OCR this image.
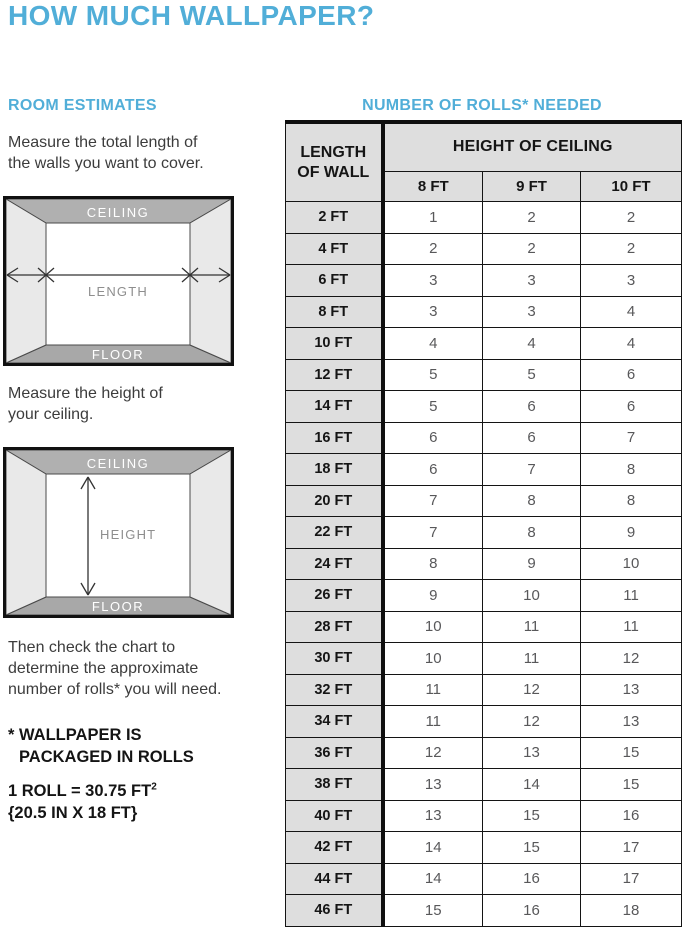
HOW MUCH WALLPAPER?
ROOM ESTIMATES	NUMBER OF ROLLS* NEEDED
Measure the total length of
the walls you want to cover.
CEILING
FLOOR
LENGTH
Measure the height of
your ceiling.
CEILING
FLOOR
HEIGHT
Then check the chart to
determine the approximate
number of rolls* you will need.
* WALLPAPER IS
PACKAGED IN ROLLS
1 ROLL = 30.75 $FT^2$
{20.5 IN X 18 FT}
LENGTH
OF WALL	HEIGHT OF CEILING		
	8 FT	9 FT	10 FT
2 FT	1	2	2
4 FT	2	2	2
6 FT	3	3	3
8 FT	3	3	4
10 FT	4	4	4
12 FT	5	5	6
14 FT	5	6	6
16 FT	6	6	7
18 FT	6	7	8
20 FT	7	8	8
22 FT	7	8	9
24 FT	8	9	10
26 FT	9	10	11
28 FT	10	11	11
30 FT	10	11	12
32 FT	11	12	13
34 FT	11	12	13
36 FT	12	13	15
38 FT	13	14	15
40 FT	13	15	16
42 FT	14	15	17
44 FT	14	16	17
46 FT	15	16	18
